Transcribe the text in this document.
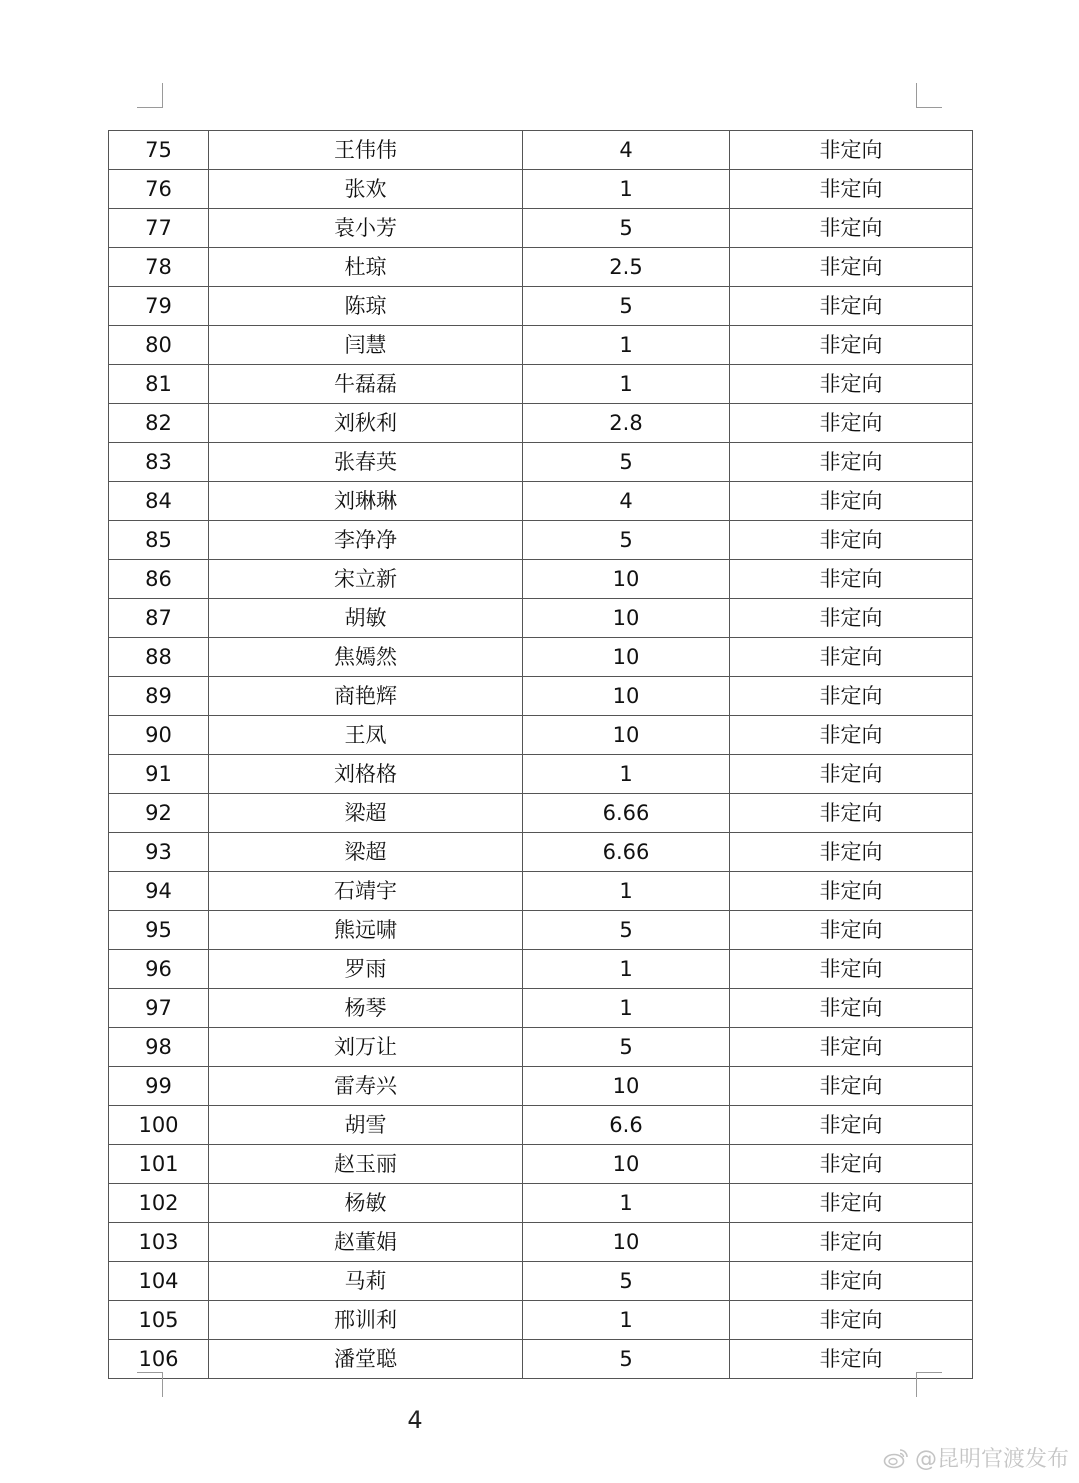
75	王伟伟	4	非定向
76	张欢	1	非定向
77	袁小芳	5	非定向
78	杜琼	2.5	非定向
79	陈琼	5	非定向
80	闫慧	1	非定向
81	牛磊磊	1	非定向
82	刘秋利	2.8	非定向
83	张春英	5	非定向
84	刘琳琳	4	非定向
85	李净净	5	非定向
86	宋立新	10	非定向
87	胡敏	10	非定向
88	焦嫣然	10	非定向
89	商艳辉	10	非定向
90	王凤	10	非定向
91	刘格格	1	非定向
92	梁超	6.66	非定向
93	梁超	6.66	非定向
94	石靖宇	1	非定向
95	熊远啸	5	非定向
96	罗雨	1	非定向
97	杨琴	1	非定向
98	刘万让	5	非定向
99	雷寿兴	10	非定向
100	胡雪	6.6	非定向
101	赵玉丽	10	非定向
102	杨敏	1	非定向
103	赵董娟	10	非定向
104	马莉	5	非定向
105	邢训利	1	非定向
106	潘堂聪	5	非定向
4
@昆明官渡发布
